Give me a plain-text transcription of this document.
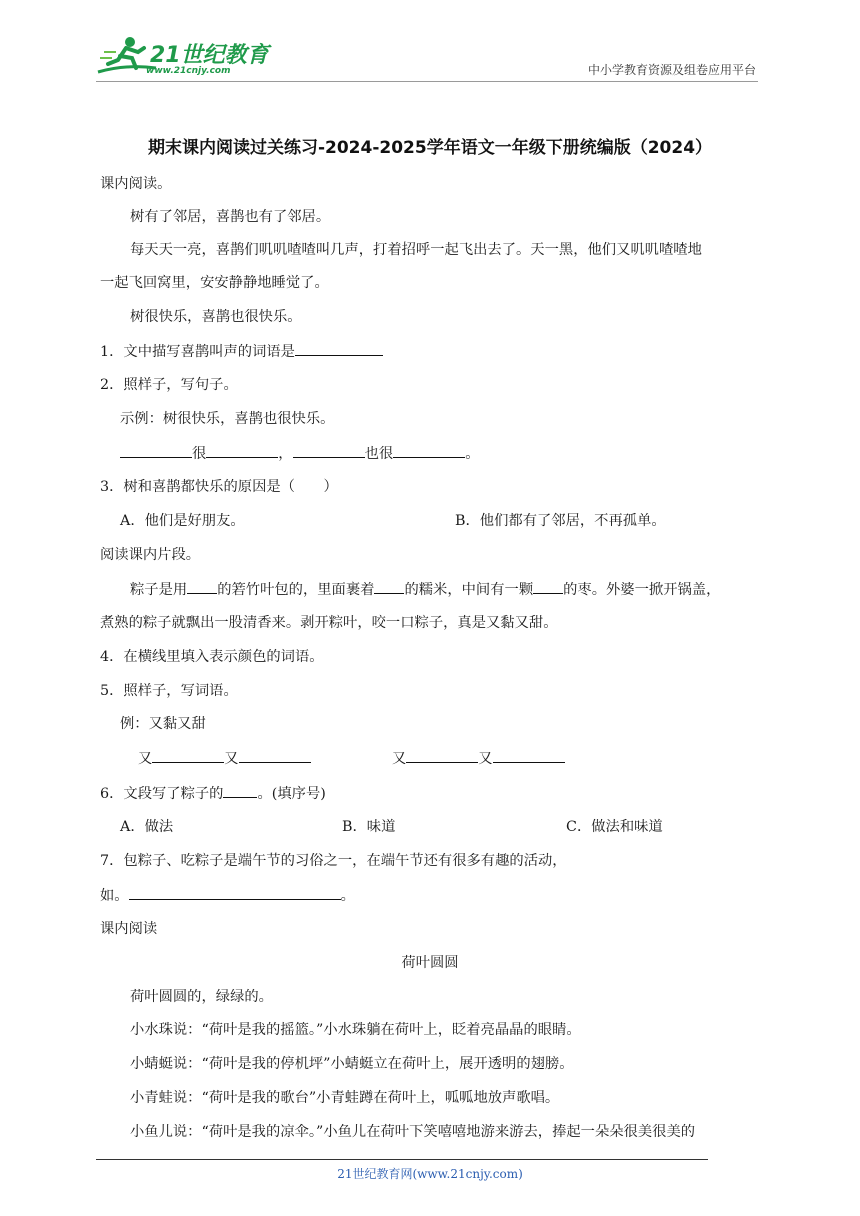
21世纪教育
www.21cnjy.com	中小学教育资源及组卷应用平台
期末课内阅读过关练习-2024-2025学年语文一年级下册统编版（2024）
课内阅读。
树有了邻居，喜鹊也有了邻居。
每天天一亮，喜鹊们叽叽喳喳叫几声，打着招呼一起飞出去了。天一黑，他们又叽叽喳喳地
一起飞回窝里，安安静静地睡觉了。
树很快乐，喜鹊也很快乐。
1．文中描写喜鹊叫声的词语是
2．照样子，写句子。
示例：树很快乐，喜鹊也很快乐。
很	，	也很	。
3．树和喜鹊都快乐的原因是（　　）
A．他们是好朋友。	B．他们都有了邻居，不再孤单。
阅读课内片段。
粽子是用 的箬竹叶包的，里面裹着 的糯米，中间有一颗 的枣。外婆一掀开锅盖，
煮熟的粽子就飘出一股清香来。剥开粽叶，咬一口粽子，真是又黏又甜。
4．在横线里填入表示颜色的词语。
5．照样子，写词语。
例：又黏又甜
又	又	又	又
6．文段写了粽子的 。(填序号)
A．做法	B．味道	C．做法和味道
7．包粽子、吃粽子是端午节的习俗之一，在端午节还有很多有趣的活动，
如。	。
课内阅读
荷叶圆圆
荷叶圆圆的，绿绿的。
小水珠说：“荷叶是我的摇篮。”小水珠躺在荷叶上，眨着亮晶晶的眼睛。
小蜻蜓说：“荷叶是我的停机坪”小蜻蜓立在荷叶上，展开透明的翅膀。
小青蛙说：“荷叶是我的歌台”小青蛙蹲在荷叶上，呱呱地放声歌唱。
小鱼儿说：“荷叶是我的凉伞。”小鱼儿在荷叶下笑嘻嘻地游来游去，捧起一朵朵很美很美的
21世纪教育网(www.21cnjy.com)
